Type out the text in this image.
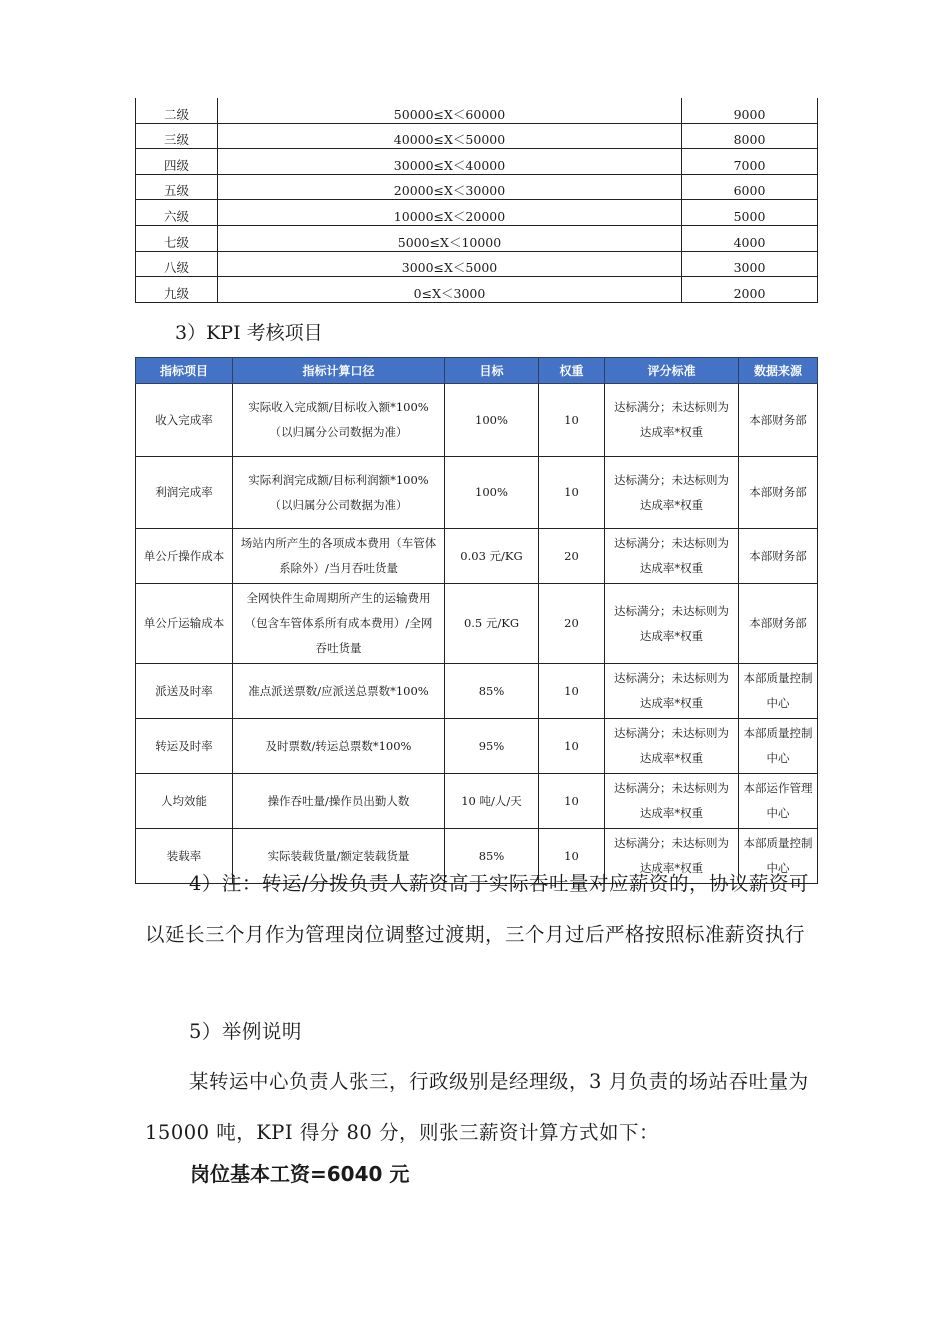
二级	50000≤X＜60000	9000
三级	40000≤X＜50000	8000
四级	30000≤X＜40000	7000
五级	20000≤X＜30000	6000
六级	10000≤X＜20000	5000
七级	5000≤X＜10000	4000
八级	3000≤X＜5000	3000
九级	0≤X＜3000	2000
3）KPI 考核项目
指标项目	指标计算口径	目标	权重	评分标准	数据来源
收入完成率	实际收入完成额/目标收入额*100%（以归属分公司数据为准）	100%	10	达标满分；未达标则为达成率*权重	本部财务部
利润完成率	实际利润完成额/目标利润额*100%（以归属分公司数据为准）	100%	10	达标满分；未达标则为达成率*权重	本部财务部
单公斤操作成本	场站内所产生的各项成本费用（车管体系除外）/当月吞吐货量	0.03 元/KG	20	达标满分；未达标则为达成率*权重	本部财务部
单公斤运输成本	全网快件生命周期所产生的运输费用（包含车管体系所有成本费用）/全网吞吐货量	0.5 元/KG	20	达标满分；未达标则为达成率*权重	本部财务部
派送及时率	准点派送票数/应派送总票数*100%	85%	10	达标满分；未达标则为达成率*权重	本部质量控制中心
转运及时率	及时票数/转运总票数*100%	95%	10	达标满分；未达标则为达成率*权重	本部质量控制中心
人均效能	操作吞吐量/操作员出勤人数	10 吨/人/天	10	达标满分；未达标则为达成率*权重	本部运作管理中心
装载率	实际装载货量/额定装载货量	85%	10	达标满分；未达标则为达成率*权重	本部质量控制中心

4）注：转运/分拨负责人薪资高于实际吞吐量对应薪资的，协议薪资可以延长三个月作为管理岗位调整过渡期，三个月过后严格按照标准薪资执行

5）举例说明

某转运中心负责人张三，行政级别是经理级，3 月负责的场站吞吐量为 15000 吨，KPI 得分 80 分，则张三薪资计算方式如下：

岗位基本工资=6040 元
